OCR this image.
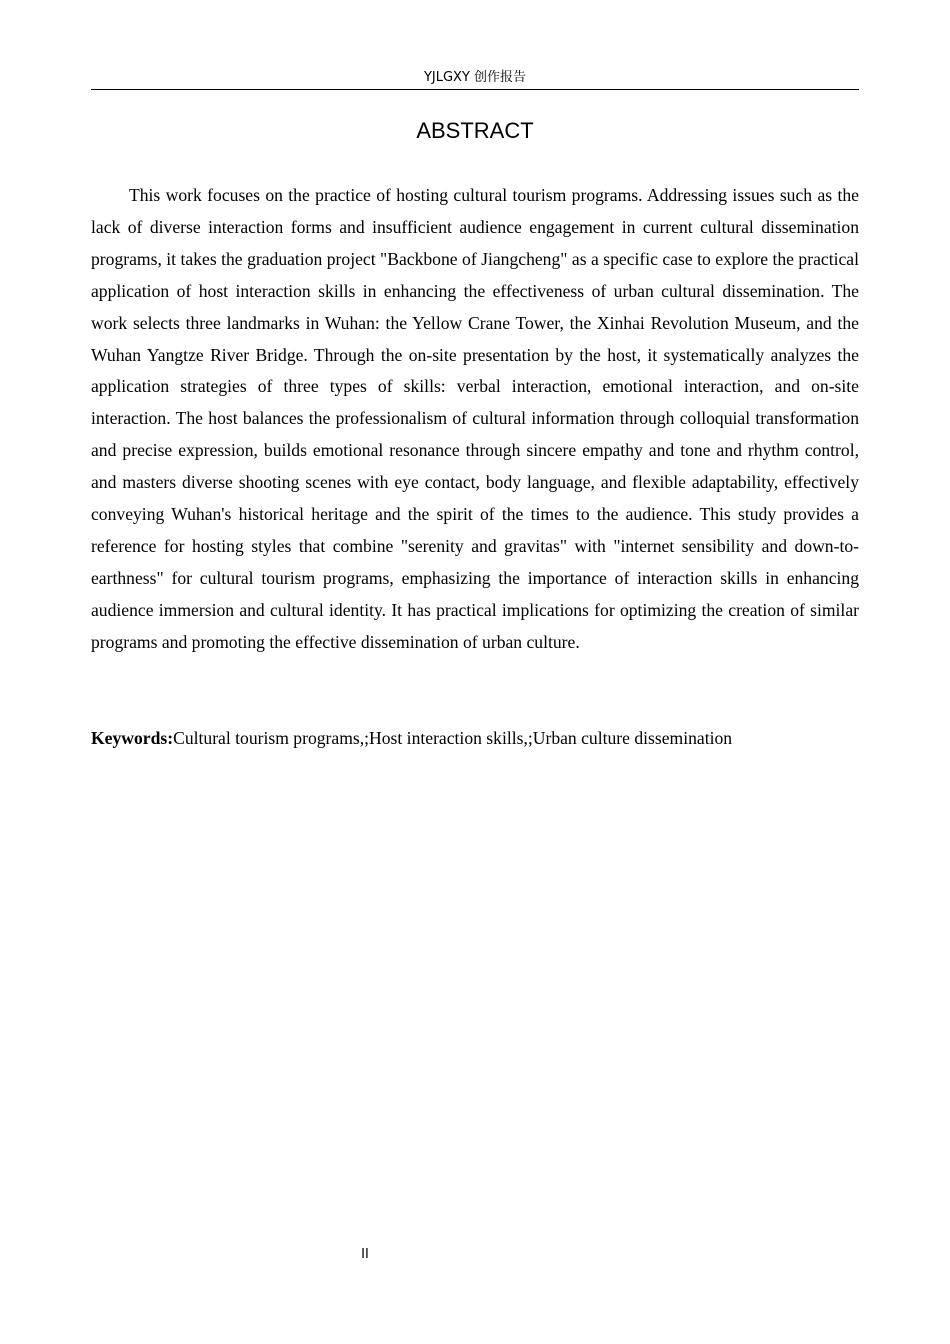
YJLGXY 创作报告
ABSTRACT

This work focuses on the practice of hosting cultural tourism programs. Addressing issues such as the lack of diverse interaction forms and insufficient audience engagement in current cultural dissemination programs, it takes the graduation project "Backbone of Jiangcheng" as a specific case to explore the practical application of host interaction skills in enhancing the effectiveness of urban cultural dissemination. The work selects three landmarks in Wuhan: the Yellow Crane Tower, the Xinhai Revolution Museum, and the Wuhan Yangtze River Bridge. Through the on-site presentation by the host, it systematically analyzes the application strategies of three types of skills: verbal interaction, emotional interaction, and on-site interaction. The host balances the professionalism of cultural information through colloquial transformation and precise expression, builds emotional resonance through sincere empathy and tone and rhythm control, and masters diverse shooting scenes with eye contact, body language, and flexible adaptability, effectively conveying Wuhan's historical heritage and the spirit of the times to the audience. This study provides a reference for hosting styles that combine "serenity and gravitas" with "internet sensibility and down-to-earthness" for cultural tourism programs, emphasizing the importance of interaction skills in enhancing audience immersion and cultural identity. It has practical implications for optimizing the creation of similar programs and promoting the effective dissemination of urban culture.

Keywords:Cultural tourism programs,;Host interaction skills,;Urban culture dissemination

II
